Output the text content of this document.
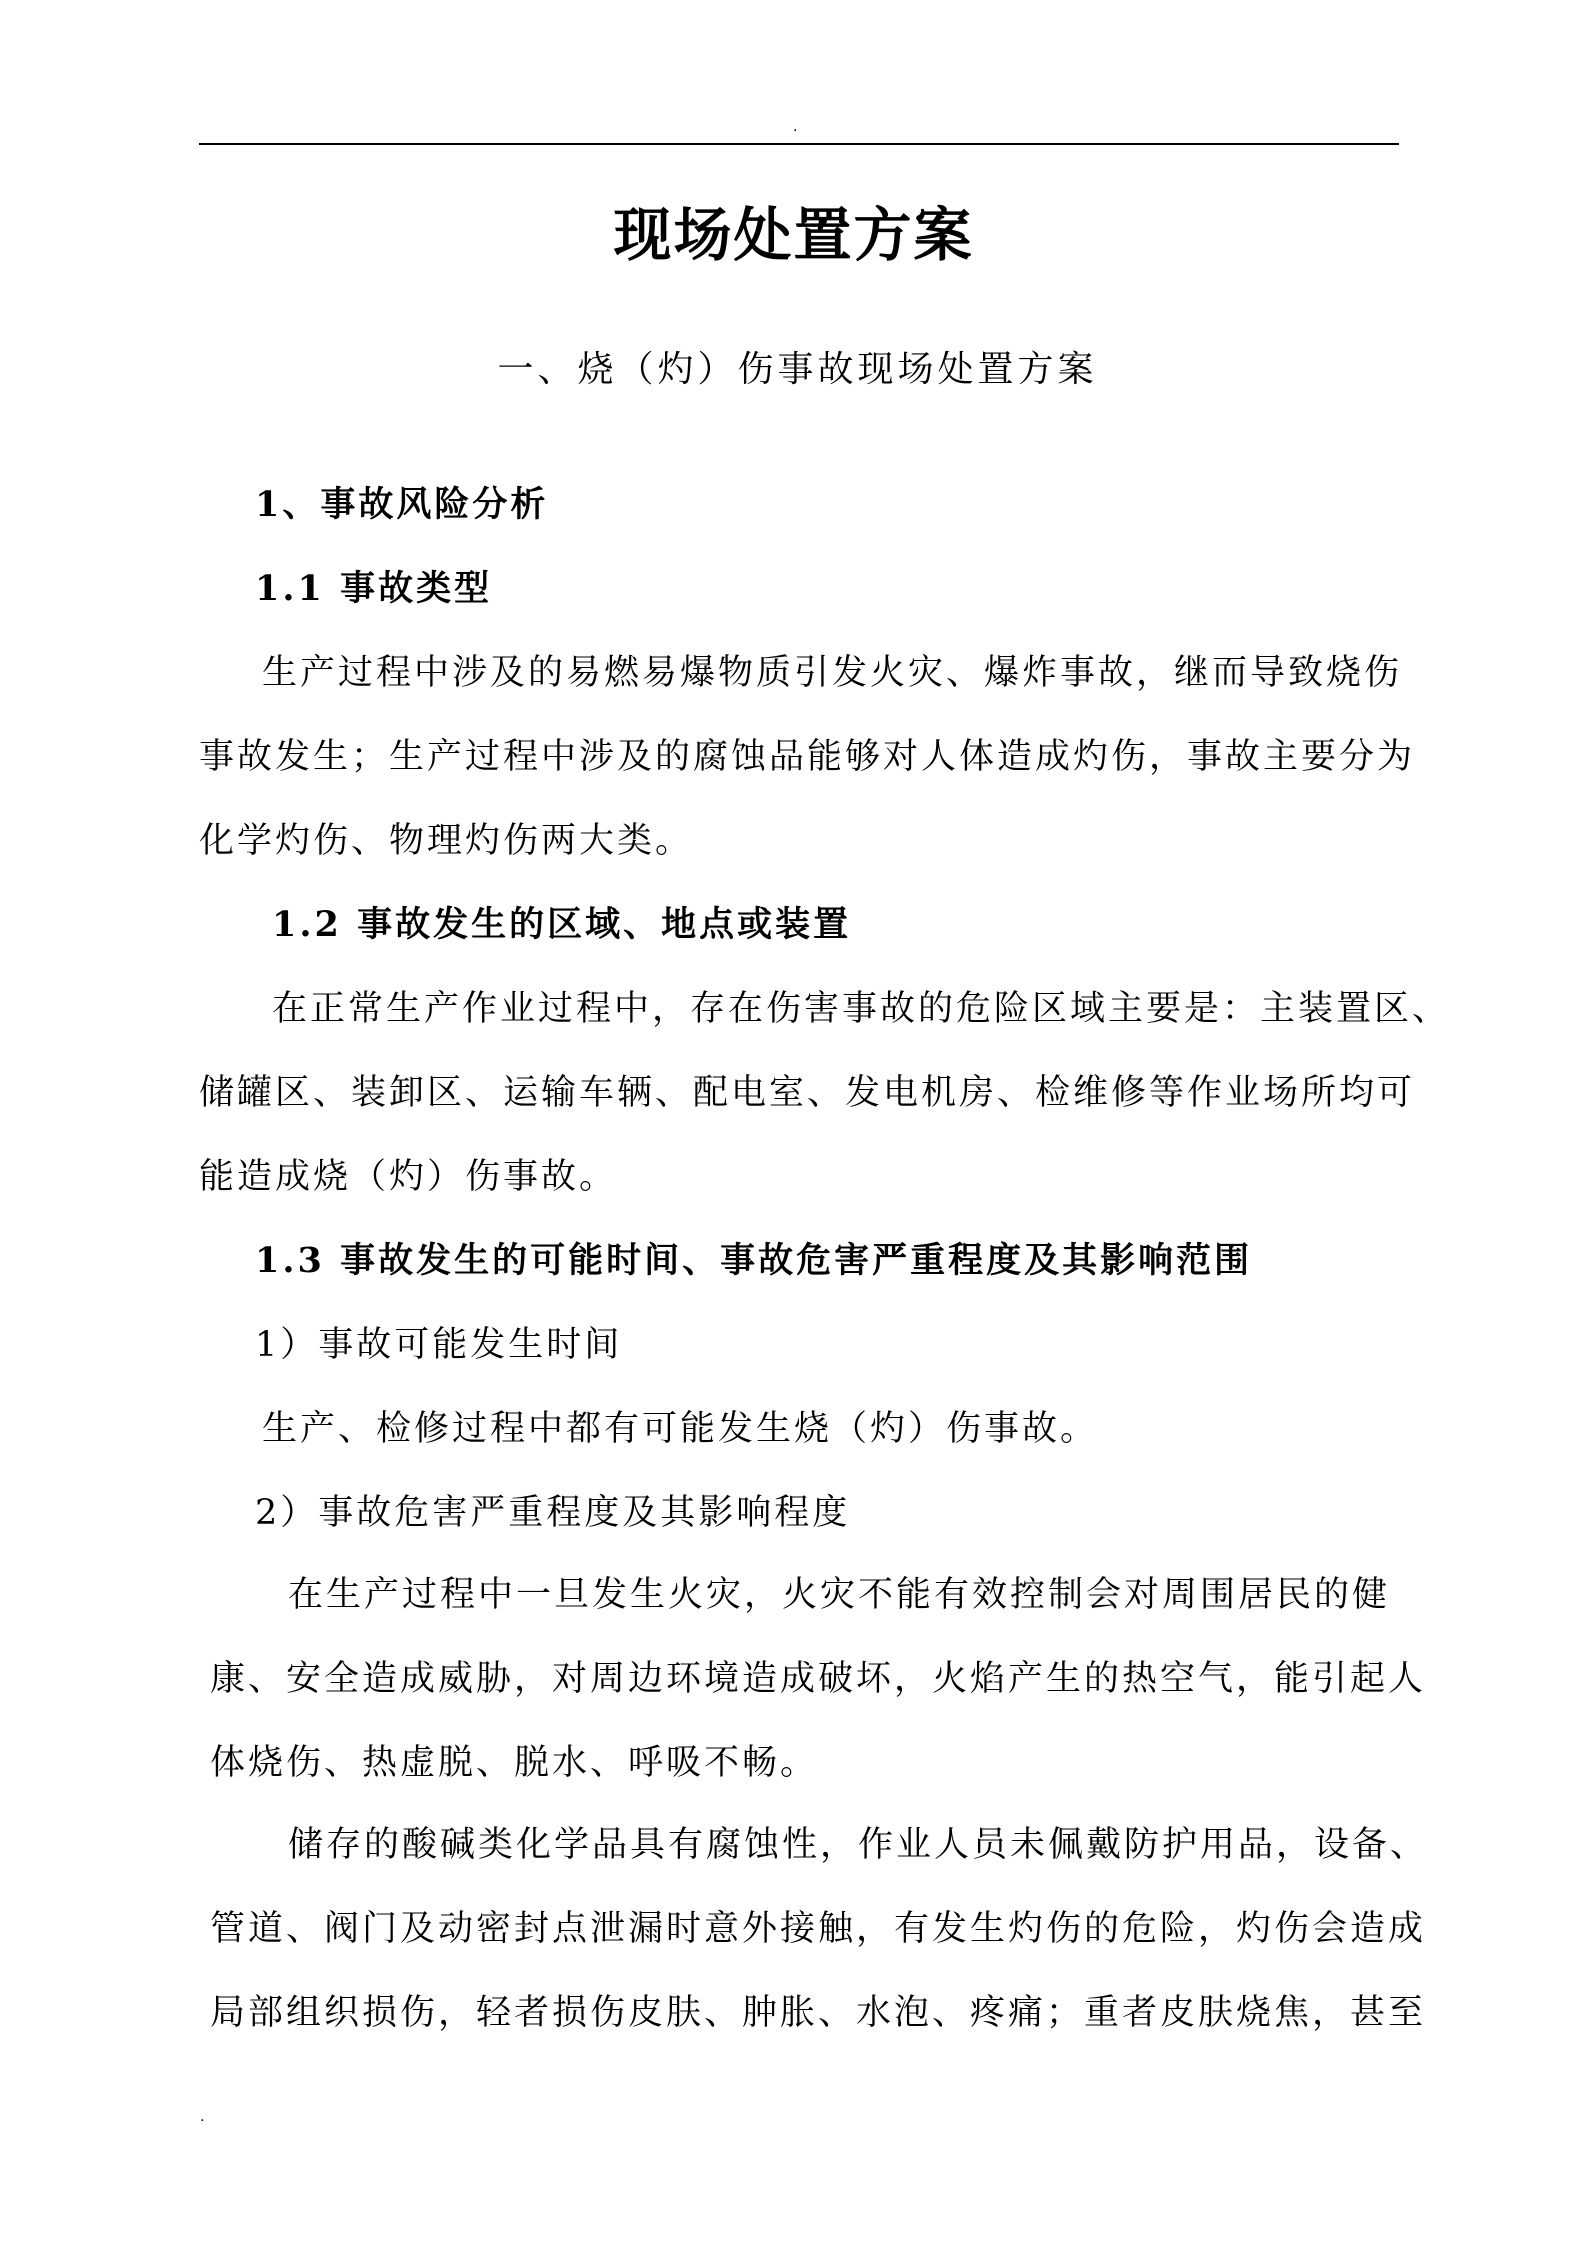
.
现场处置方案
一、烧（灼）伤事故现场处置方案
1、事故风险分析
1.1 事故类型
生产过程中涉及的易燃易爆物质引发火灾、爆炸事故，继而导致烧伤
事故发生；生产过程中涉及的腐蚀品能够对人体造成灼伤，事故主要分为
化学灼伤、物理灼伤两大类。
1.2 事故发生的区域、地点或装置
在正常生产作业过程中，存在伤害事故的危险区域主要是：主装置区、
储罐区、装卸区、运输车辆、配电室、发电机房、检维修等作业场所均可
能造成烧（灼）伤事故。
1.3 事故发生的可能时间、事故危害严重程度及其影响范围
1）事故可能发生时间
生产、检修过程中都有可能发生烧（灼）伤事故。
2）事故危害严重程度及其影响程度
在生产过程中一旦发生火灾，火灾不能有效控制会对周围居民的健
康、安全造成威胁，对周边环境造成破坏，火焰产生的热空气，能引起人
体烧伤、热虚脱、脱水、呼吸不畅。
储存的酸碱类化学品具有腐蚀性，作业人员未佩戴防护用品，设备、
管道、阀门及动密封点泄漏时意外接触，有发生灼伤的危险，灼伤会造成
局部组织损伤，轻者损伤皮肤、肿胀、水泡、疼痛；重者皮肤烧焦，甚至
.
